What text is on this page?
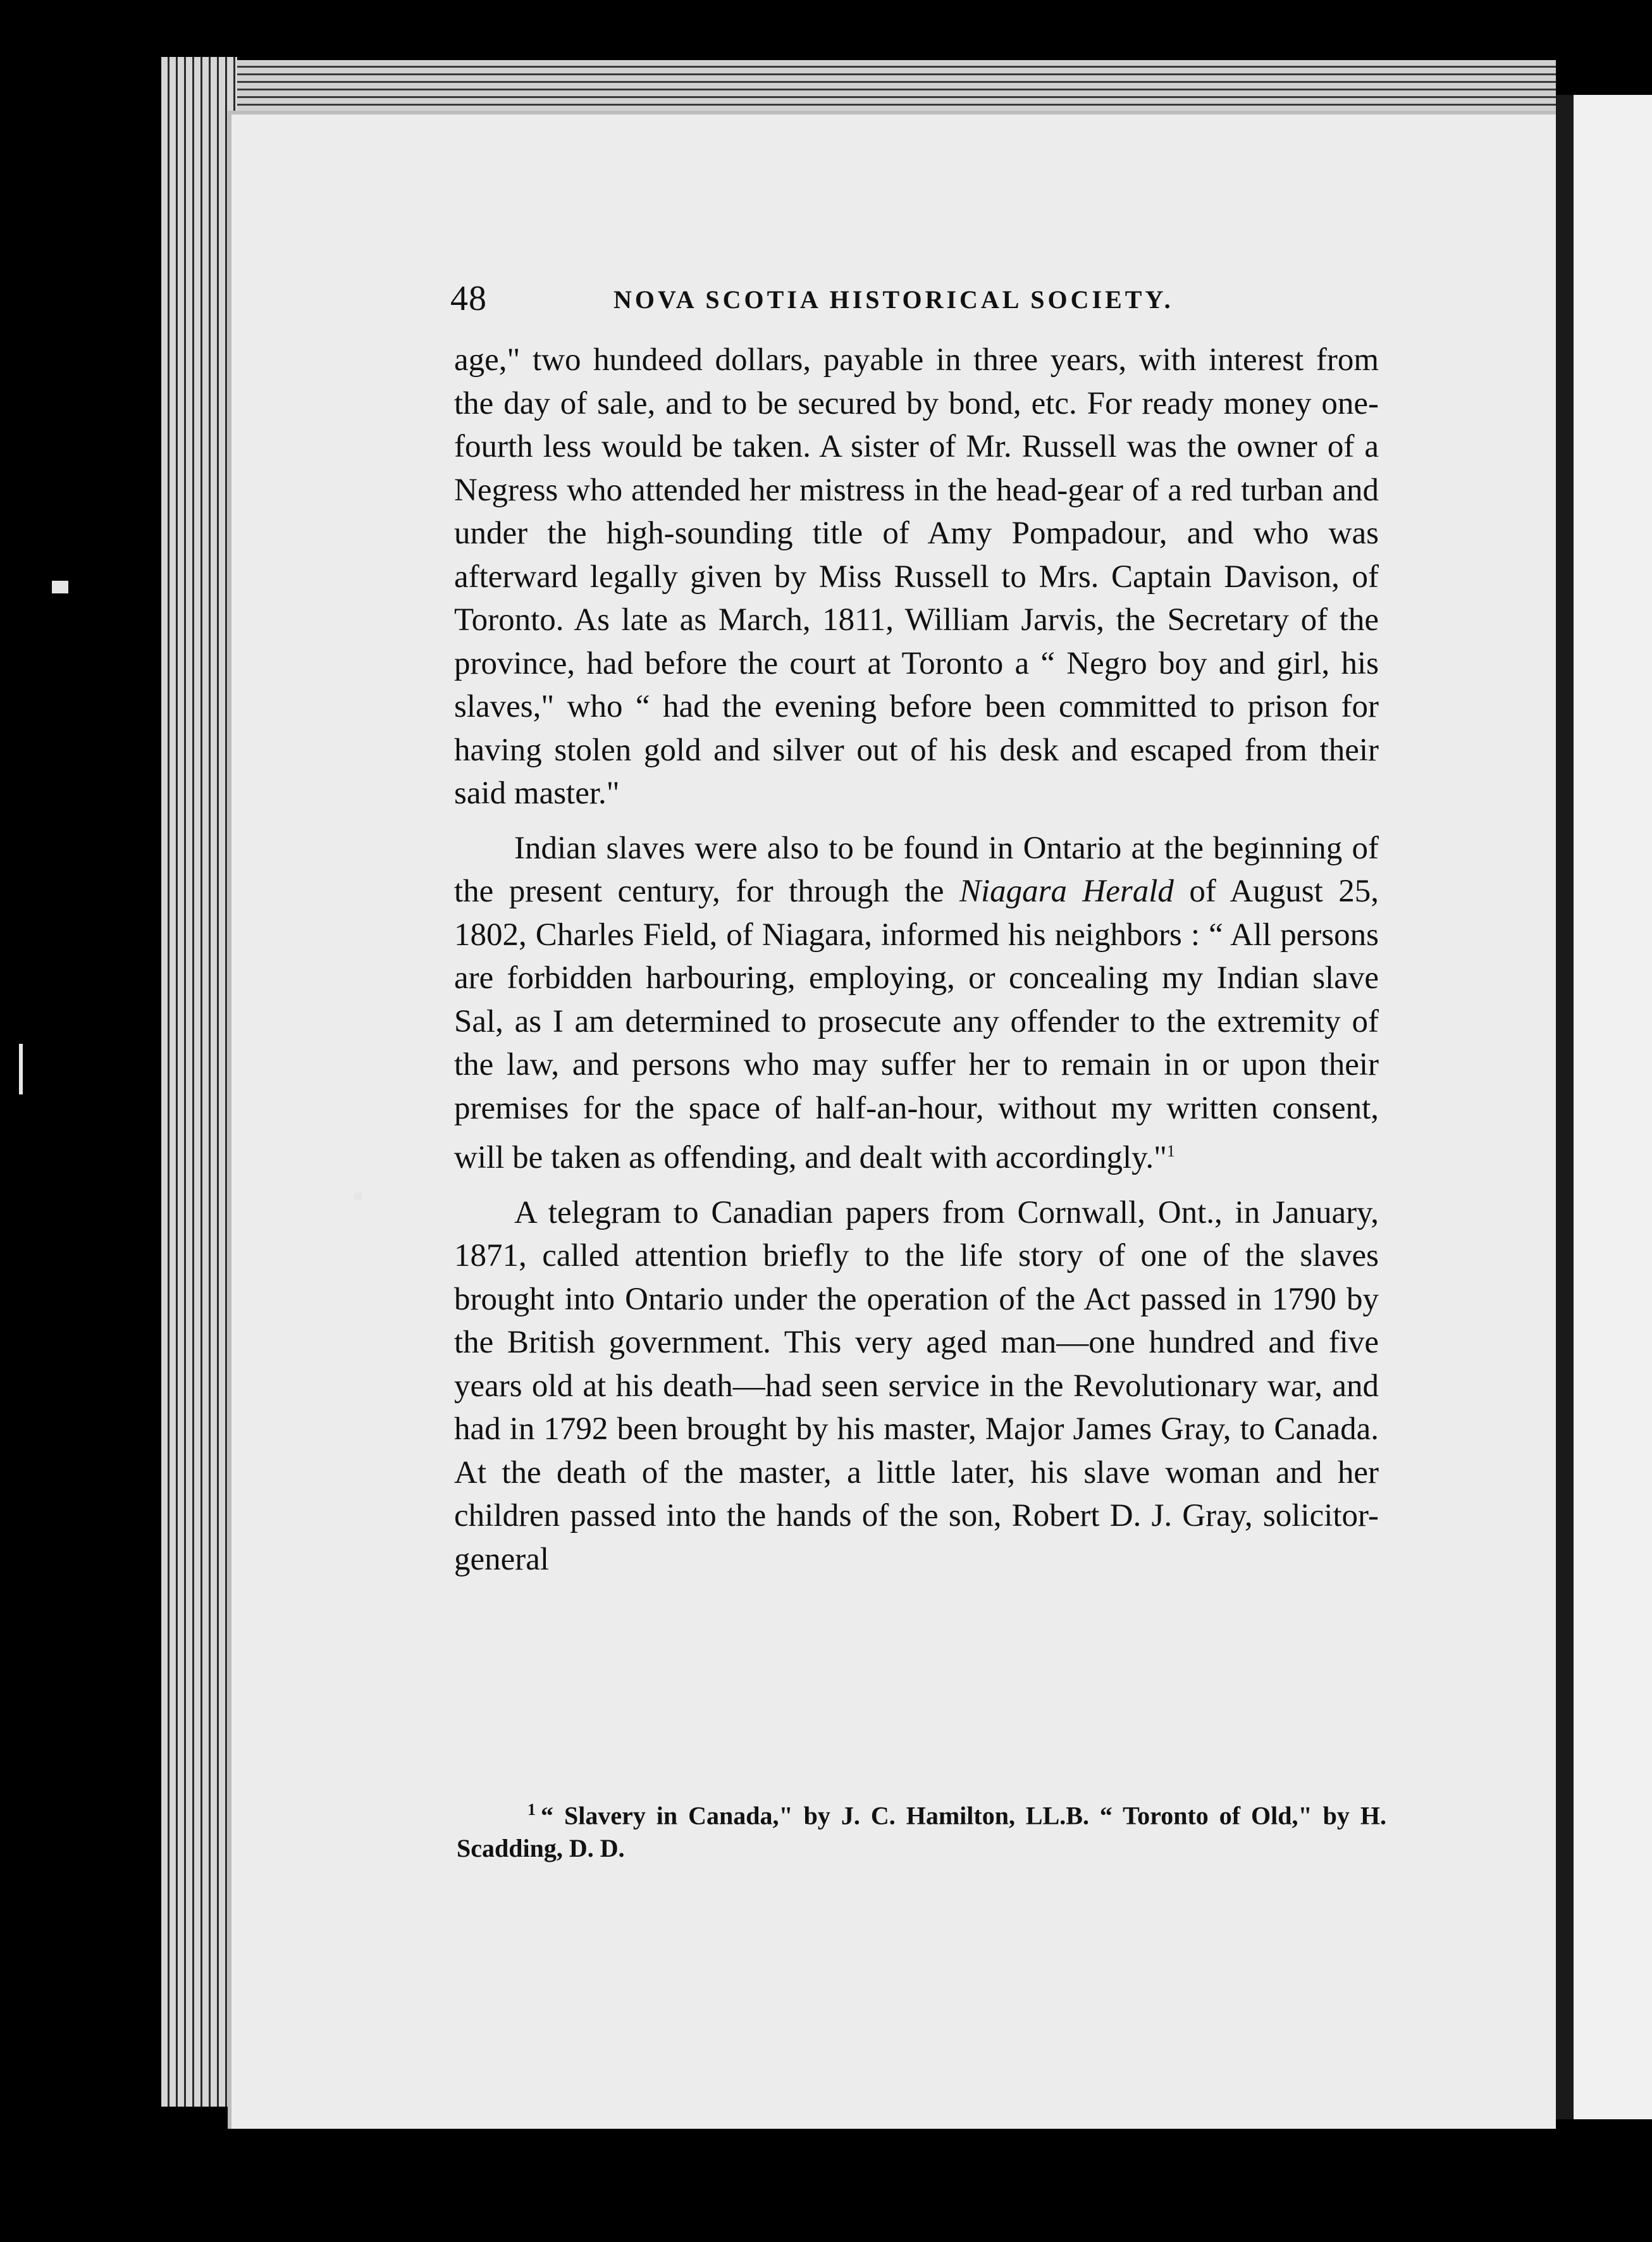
48	NOVA SCOTIA HISTORICAL SOCIETY.

age," two hundeed dollars, payable in three years, with interest from the day of sale, and to be secured by bond, etc. For ready money one-fourth less would be taken. A sister of Mr. Russell was the owner of a Negress who attended her mistress in the head-gear of a red turban and under the high-sounding title of Amy Pompadour, and who was afterward legally given by Miss Russell to Mrs. Captain Davison, of Toronto. As late as March, 1811, William Jarvis, the Secretary of the province, had before the court at Toronto a “ Negro boy and girl, his slaves," who “ had the evening before been committed to prison for having stolen gold and silver out of his desk and escaped from their said master."

Indian slaves were also to be found in Ontario at the beginning of the present century, for through the Niagara Herald of August 25, 1802, Charles Field, of Niagara, informed his neighbors : “ All persons are forbidden harbouring, employing, or concealing my Indian slave Sal, as I am determined to prosecute any offender to the extremity of the law, and persons who may suffer her to remain in or upon their premises for the space of half-an-hour, without my written consent, will be taken as offending, and dealt with accordingly."$^1$

A telegram to Canadian papers from Cornwall, Ont., in January, 1871, called attention briefly to the life story of one of the slaves brought into Ontario under the operation of the Act passed in 1790 by the British government. This very aged man—one hundred and five years old at his death—had seen service in the Revolutionary war, and had in 1792 been brought by his master, Major James Gray, to Canada. At the death of the master, a little later, his slave woman and her children passed into the hands of the son, Robert D. J. Gray, solicitor-general

$^1$ “ Slavery in Canada," by J. C. Hamilton, LL.B. “ Toronto of Old," by H. Scadding, D. D.
